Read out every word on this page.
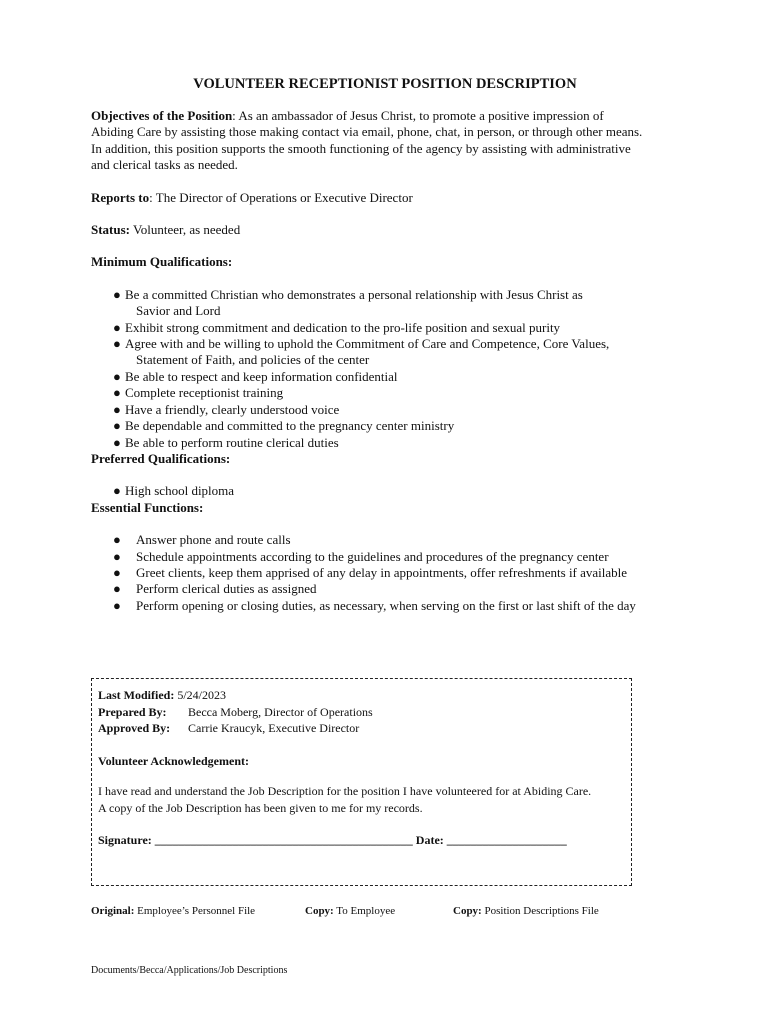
VOLUNTEER RECEPTIONIST POSITION DESCRIPTION

Objectives of the Position: As an ambassador of Jesus Christ, to promote a positive impression of
Abiding Care by assisting those making contact via email, phone, chat, in person, or through other means.
In addition, this position supports the smooth functioning of the agency by assisting with administrative
and clerical tasks as needed.

Reports to: The Director of Operations or Executive Director

Status: Volunteer, as needed

Minimum Qualifications:

● Be a committed Christian who demonstrates a personal relationship with Jesus Christ as
Savior and Lord
● Exhibit strong commitment and dedication to the pro-life position and sexual purity
● Agree with and be willing to uphold the Commitment of Care and Competence, Core Values,
Statement of Faith, and policies of the center
● Be able to respect and keep information confidential
● Complete receptionist training
● Have a friendly, clearly understood voice
● Be dependable and committed to the pregnancy center ministry
● Be able to perform routine clerical duties

Preferred Qualifications:

● High school diploma

Essential Functions:

● Answer phone and route calls
● Schedule appointments according to the guidelines and procedures of the pregnancy center
● Greet clients, keep them apprised of any delay in appointments, offer refreshments if available
● Perform clerical duties as assigned
● Perform opening or closing duties, as necessary, when serving on the first or last shift of the day
Last Modified: 5/24/2023
Prepared By: Becca Moberg, Director of Operations
Approved By: Carrie Kraucyk, Executive Director
Volunteer Acknowledgement:
I have read and understand the Job Description for the position I have volunteered for at Abiding Care.
A copy of the Job Description has been given to me for my records.
Signature: ___________________________________________ Date: ____________________
Original: Employee’s Personnel File	Copy: To Employee	Copy: Position Descriptions File
Documents/Becca/Applications/Job Descriptions
